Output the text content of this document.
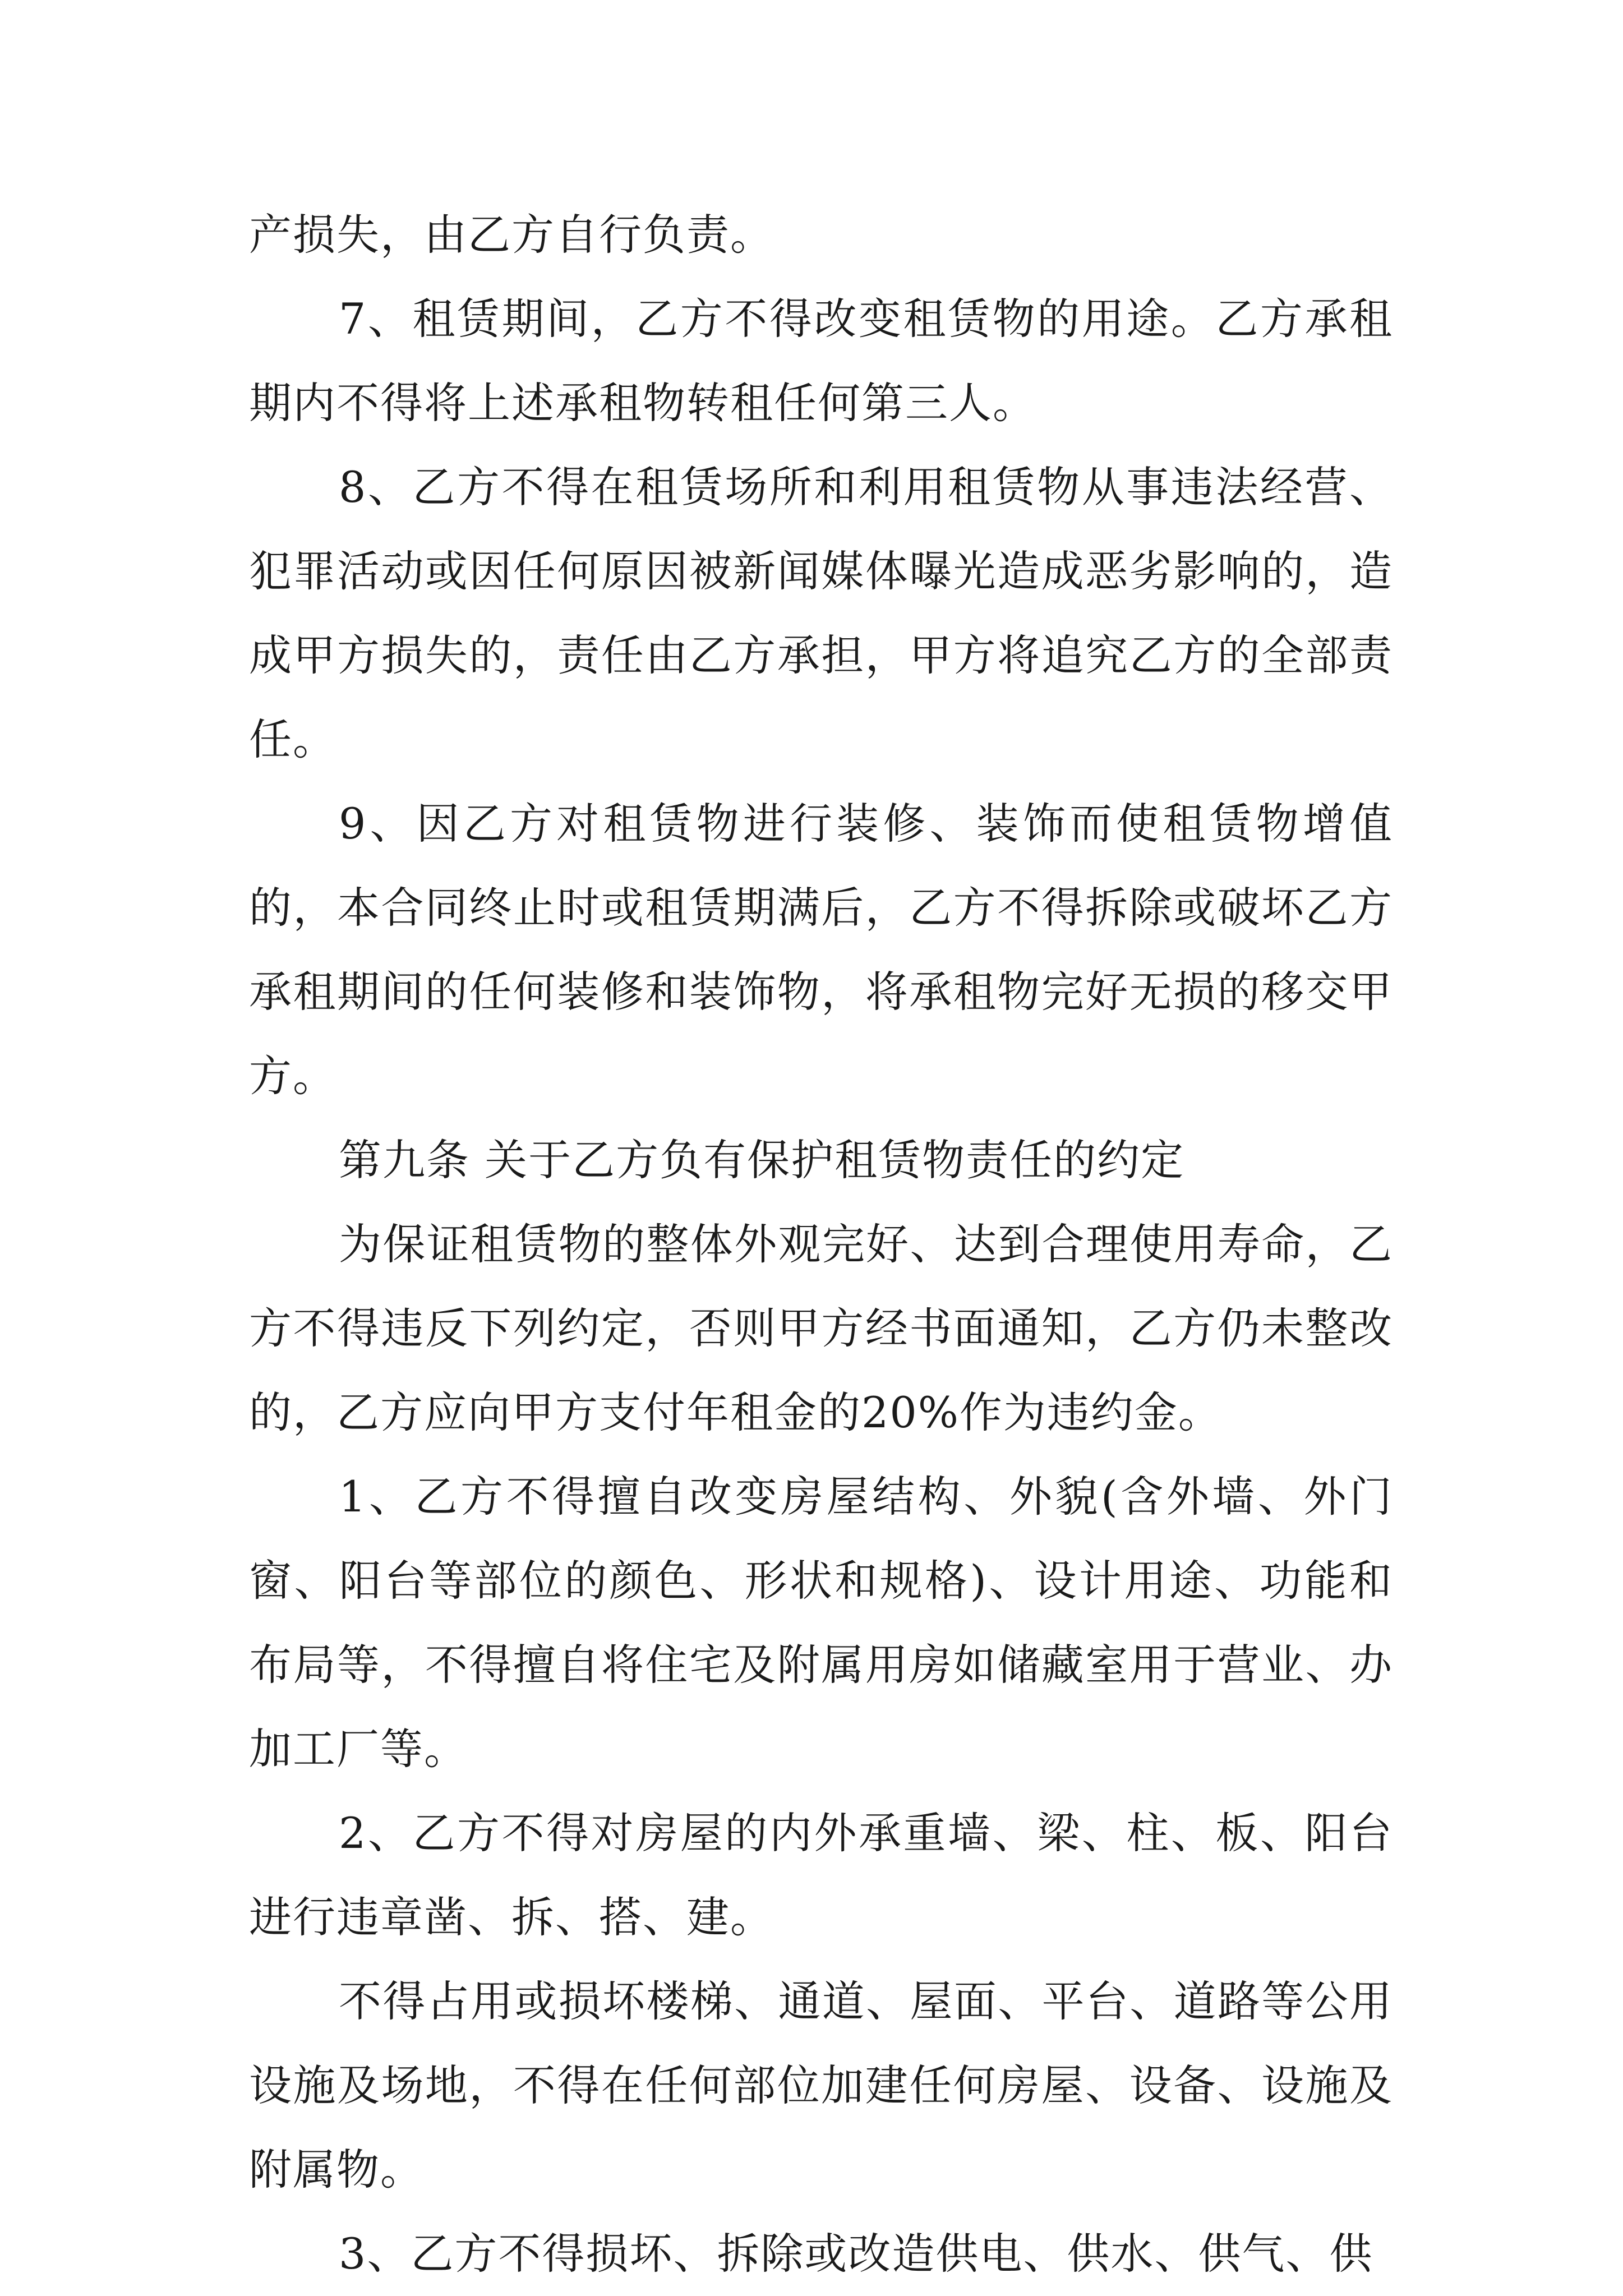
产损失，由乙方自行负责。

7、租赁期间，乙方不得改变租赁物的用途。乙方承租期内不得将上述承租物转租任何第三人。

8、乙方不得在租赁场所和利用租赁物从事违法经营、犯罪活动或因任何原因被新闻媒体曝光造成恶劣影响的，造成甲方损失的，责任由乙方承担，甲方将追究乙方的全部责任。

9、因乙方对租赁物进行装修、装饰而使租赁物增值的，本合同终止时或租赁期满后，乙方不得拆除或破坏乙方承租期间的任何装修和装饰物，将承租物完好无损的移交甲方。

第九条 关于乙方负有保护租赁物责任的约定

为保证租赁物的整体外观完好、达到合理使用寿命，乙方不得违反下列约定，否则甲方经书面通知，乙方仍未整改的，乙方应向甲方支付年租金的20%作为违约金。

1、乙方不得擅自改变房屋结构、外貌(含外墙、外门窗、阳台等部位的颜色、形状和规格)、设计用途、功能和布局等，不得擅自将住宅及附属用房如储藏室用于营业、办加工厂等。

2、乙方不得对房屋的内外承重墙、梁、柱、板、阳台进行违章凿、拆、搭、建。

不得占用或损坏楼梯、通道、屋面、平台、道路等公用设施及场地，不得在任何部位加建任何房屋、设备、设施及附属物。

3、乙方不得损坏、拆除或改造供电、供水、供气、供
